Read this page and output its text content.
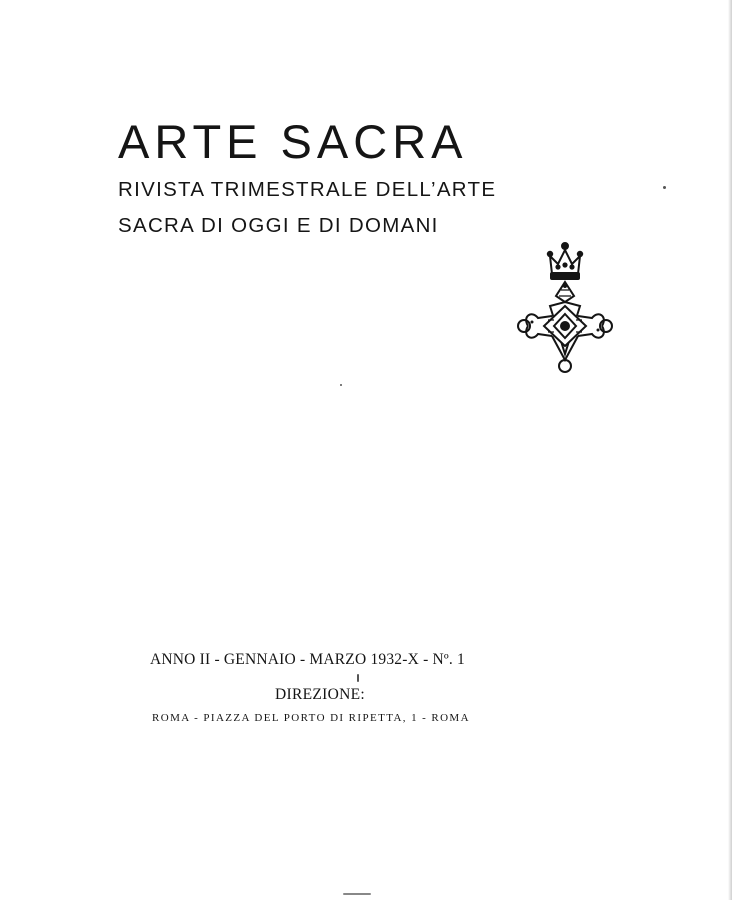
ARTE SACRA
RIVISTA TRIMESTRALE DELL’ARTE
SACRA DI OGGI E DI DOMANI
ANNO II - GENNAIO - MARZO 1932-X - Nº. 1
DIREZIONE:
ROMA - PIAZZA DEL PORTO DI RIPETTA, 1 - ROMA
